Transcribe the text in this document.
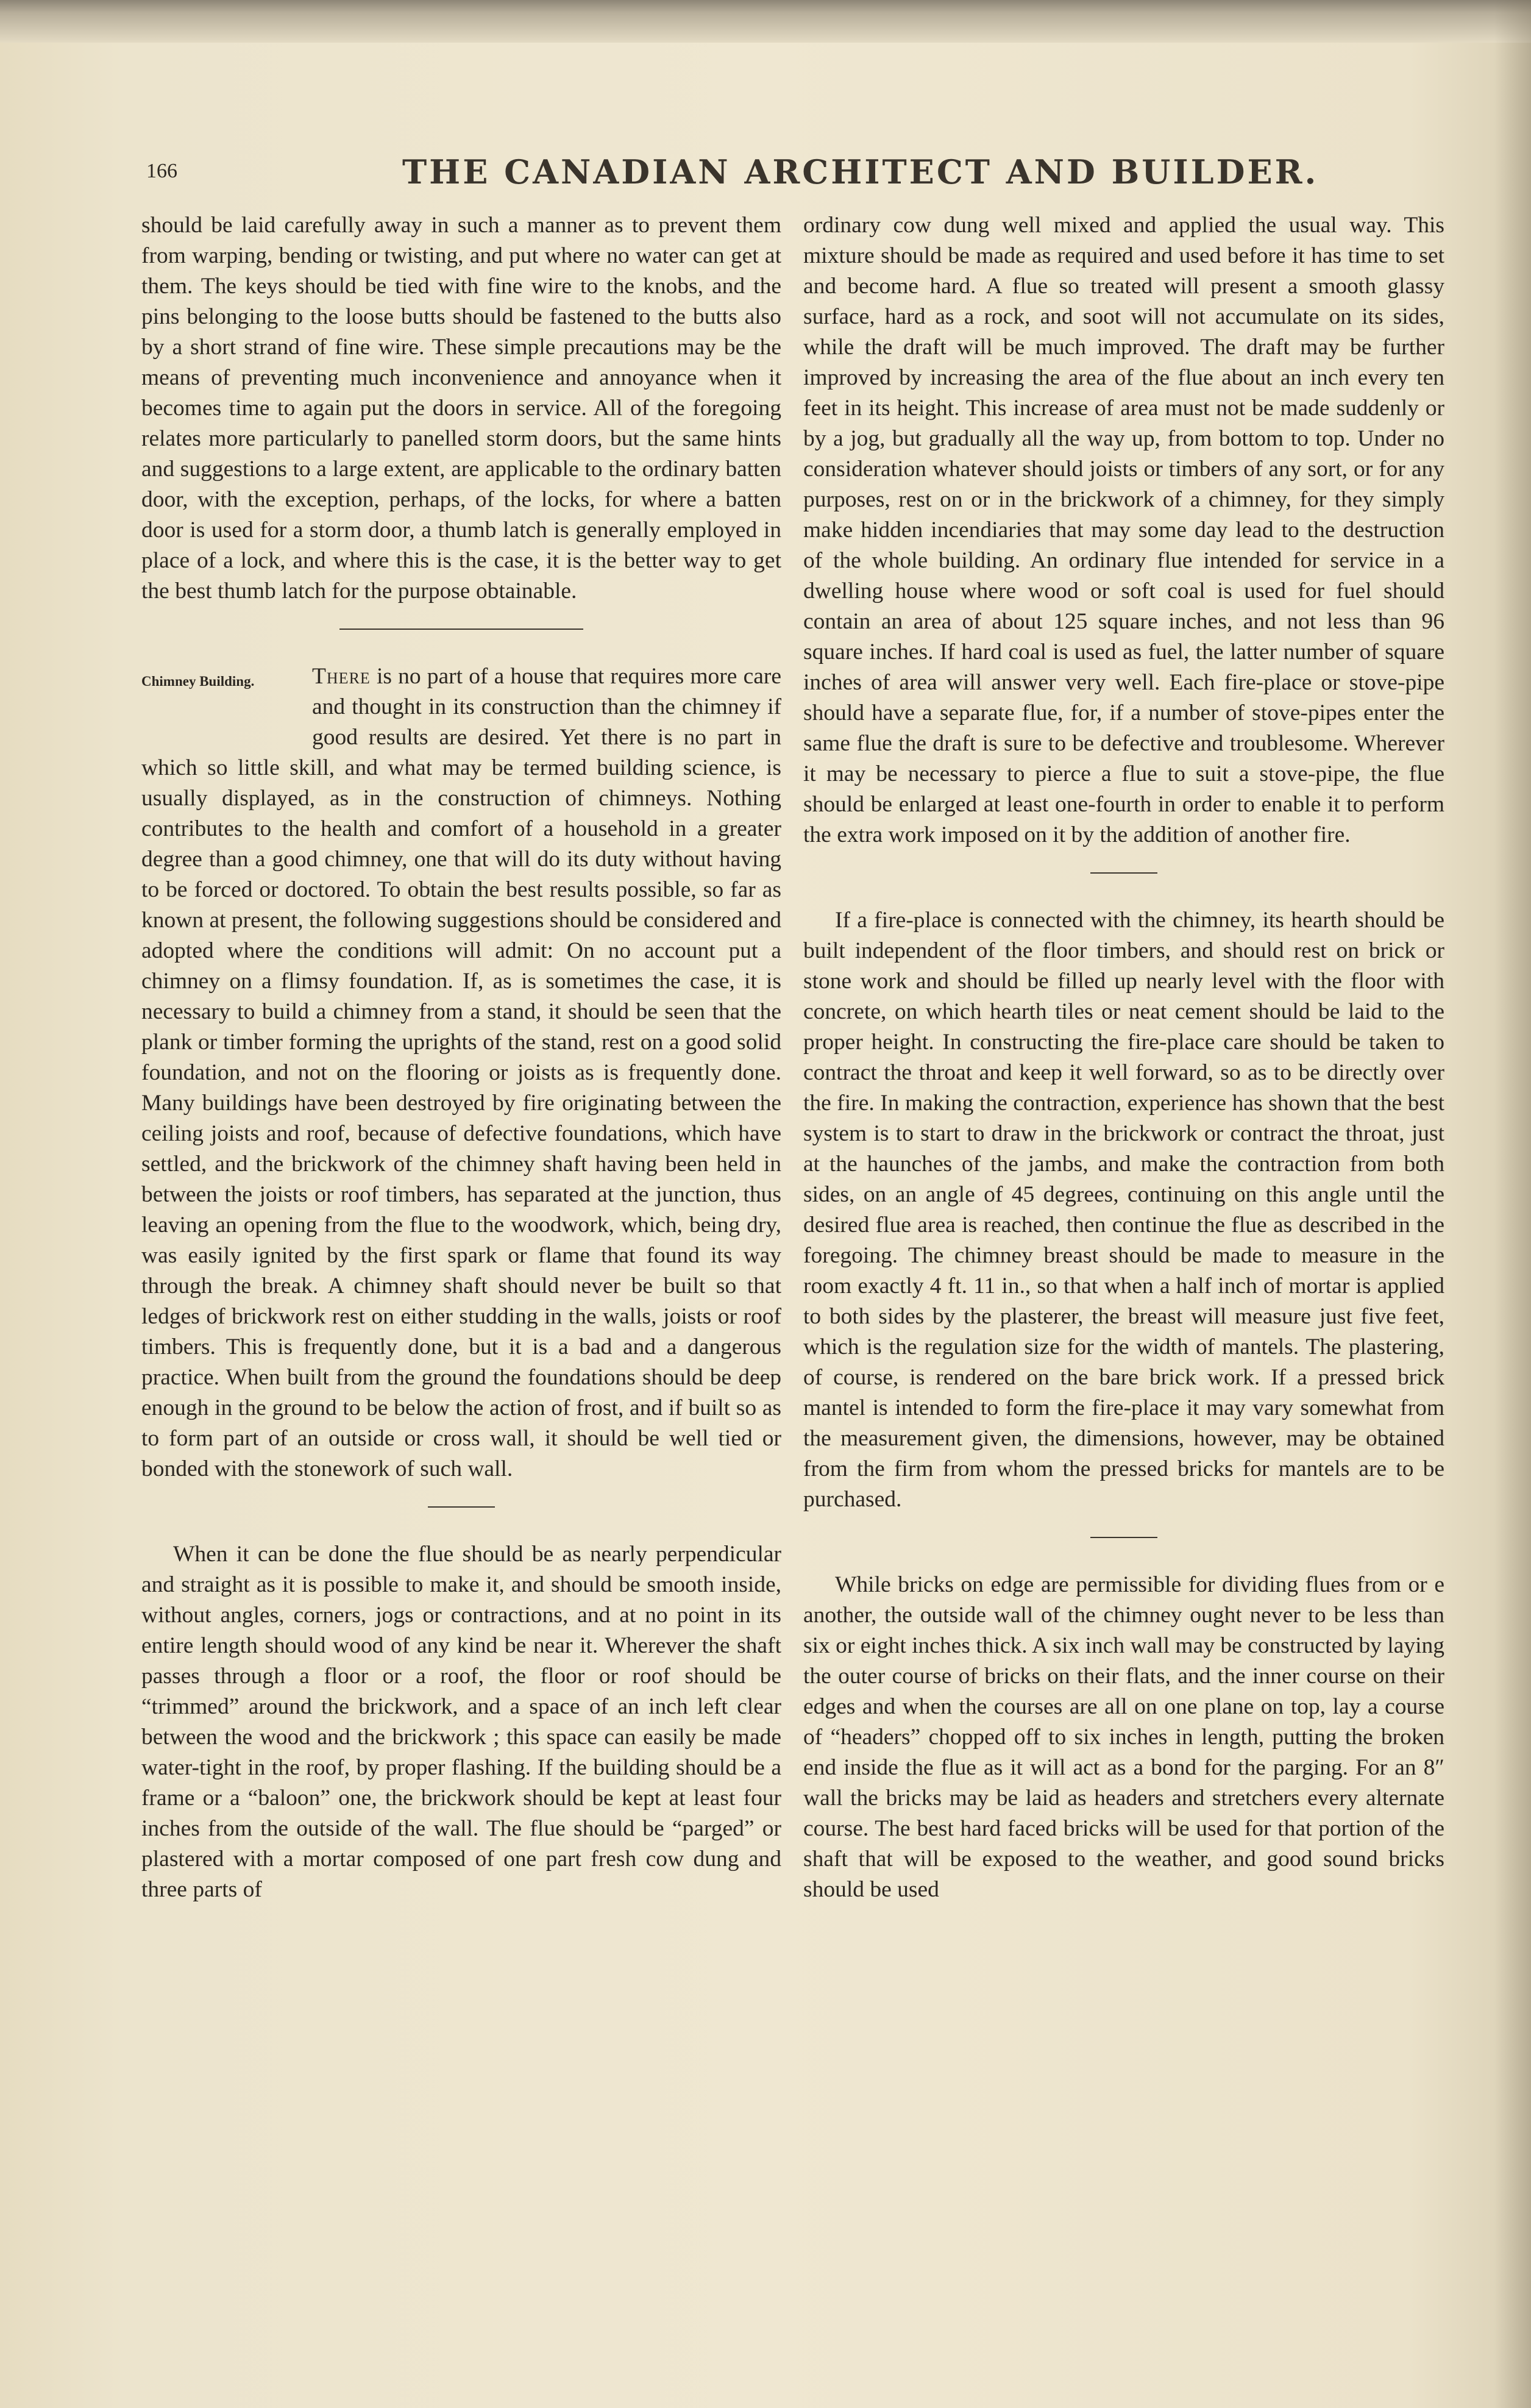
166	THE CANADIAN ARCHITECT AND BUILDER.

should be laid carefully away in such a manner as to prevent them from warping, bending or twisting, and put where no water can get at them. The keys should be tied with fine wire to the knobs, and the pins belonging to the loose butts should be fastened to the butts also by a short strand of fine wire. These simple precautions may be the means of preventing much inconvenience and annoyance when it becomes time to again put the doors in service. All of the foregoing relates more particularly to panelled storm doors, but the same hints and suggestions to a large extent, are applicable to the ordinary batten door, with the exception, perhaps, of the locks, for where a batten door is used for a storm door, a thumb latch is generally employed in place of a lock, and where this is the case, it is the better way to get the best thumb latch for the purpose obtainable.

Chimney Building.	There is no part of a house that requires more care and thought in its construction than the chimney if good results are desired. Yet there is no part in which so little skill, and what may be termed building science, is usually displayed, as in the construction of chimneys. Nothing contributes to the health and comfort of a household in a greater degree than a good chimney, one that will do its duty without having to be forced or doctored. To obtain the best results possible, so far as known at present, the following suggestions should be considered and adopted where the conditions will admit: On no account put a chimney on a flimsy foundation. If, as is sometimes the case, it is necessary to build a chimney from a stand, it should be seen that the plank or timber forming the uprights of the stand, rest on a good solid foundation, and not on the flooring or joists as is frequently done. Many buildings have been destroyed by fire originating between the ceiling joists and roof, because of defective foundations, which have settled, and the brickwork of the chimney shaft having been held in between the joists or roof timbers, has separated at the junction, thus leaving an opening from the flue to the woodwork, which, being dry, was easily ignited by the first spark or flame that found its way through the break. A chimney shaft should never be built so that ledges of brickwork rest on either studding in the walls, joists or roof timbers. This is frequently done, but it is a bad and a dangerous practice. When built from the ground the foundations should be deep enough in the ground to be below the action of frost, and if built so as to form part of an outside or cross wall, it should be well tied or bonded with the stonework of such wall.

When it can be done the flue should be as nearly perpendicular and straight as it is possible to make it, and should be smooth inside, without angles, corners, jogs or contractions, and at no point in its entire length should wood of any kind be near it. Wherever the shaft passes through a floor or a roof, the floor or roof should be “trimmed” around the brickwork, and a space of an inch left clear between the wood and the brickwork ; this space can easily be made water-tight in the roof, by proper flashing. If the building should be a frame or a “baloon” one, the brickwork should be kept at least four inches from the outside of the wall. The flue should be “parged” or plastered with a mortar composed of one part fresh cow dung and three parts of

ordinary cow dung well mixed and applied the usual way. This mixture should be made as required and used before it has time to set and become hard. A flue so treated will present a smooth glassy surface, hard as a rock, and soot will not accumulate on its sides, while the draft will be much improved. The draft may be further improved by increasing the area of the flue about an inch every ten feet in its height. This increase of area must not be made suddenly or by a jog, but gradually all the way up, from bottom to top. Under no consideration whatever should joists or timbers of any sort, or for any purposes, rest on or in the brickwork of a chimney, for they simply make hidden incendiaries that may some day lead to the destruction of the whole building. An ordinary flue intended for service in a dwelling house where wood or soft coal is used for fuel should contain an area of about 125 square inches, and not less than 96 square inches. If hard coal is used as fuel, the latter number of square inches of area will answer very well. Each fire-place or stove-pipe should have a separate flue, for, if a number of stove-pipes enter the same flue the draft is sure to be defective and troublesome. Wherever it may be necessary to pierce a flue to suit a stove-pipe, the flue should be enlarged at least one-fourth in order to enable it to perform the extra work imposed on it by the addition of another fire.

If a fire-place is connected with the chimney, its hearth should be built independent of the floor timbers, and should rest on brick or stone work and should be filled up nearly level with the floor with concrete, on which hearth tiles or neat cement should be laid to the proper height. In constructing the fire-place care should be taken to contract the throat and keep it well forward, so as to be directly over the fire. In making the contraction, experience has shown that the best system is to start to draw in the brickwork or contract the throat, just at the haunches of the jambs, and make the contraction from both sides, on an angle of 45 degrees, continuing on this angle until the desired flue area is reached, then continue the flue as described in the foregoing. The chimney breast should be made to measure in the room exactly 4 ft. 11 in., so that when a half inch of mortar is applied to both sides by the plasterer, the breast will measure just five feet, which is the regulation size for the width of mantels. The plastering, of course, is rendered on the bare brick work. If a pressed brick mantel is intended to form the fire-place it may vary somewhat from the measurement given, the dimensions, however, may be obtained from the firm from whom the pressed bricks for mantels are to be purchased.

While bricks on edge are permissible for dividing flues from or e another, the outside wall of the chimney ought never to be less than six or eight inches thick. A six inch wall may be constructed by laying the outer course of bricks on their flats, and the inner course on their edges and when the courses are all on one plane on top, lay a course of “headers” chopped off to six inches in length, putting the broken end inside the flue as it will act as a bond for the parging. For an 8″ wall the bricks may be laid as headers and stretchers every alternate course. The best hard faced bricks will be used for that portion of the shaft that will be exposed to the weather, and good sound bricks should be used
